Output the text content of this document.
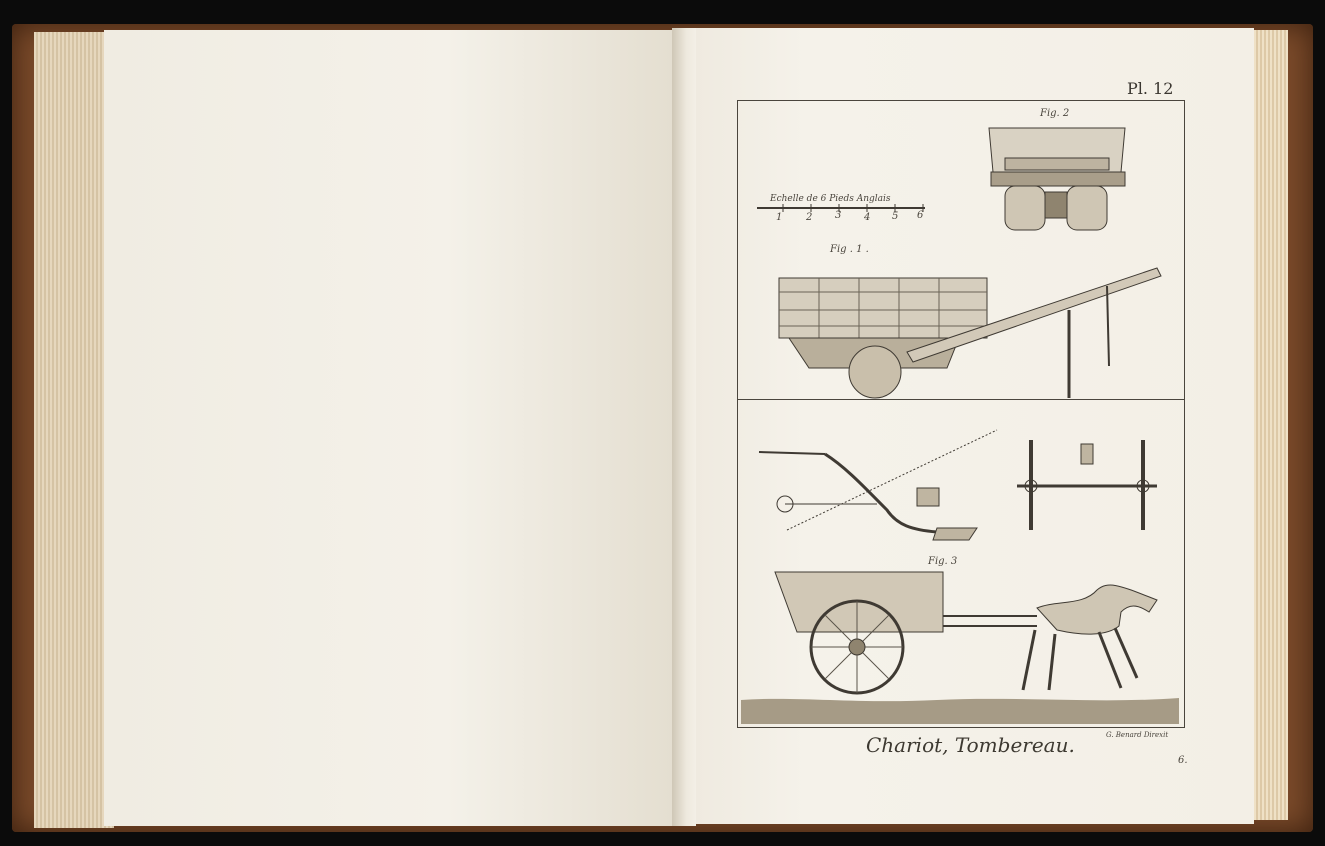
Pl. 12
Echelle de 6 Pieds Anglais
1 2 3 4 5 6
Fig. 2
Fig . 1 .
Fig. 3
Chariot, Tombereau.	G. Benard Direxit
6.
